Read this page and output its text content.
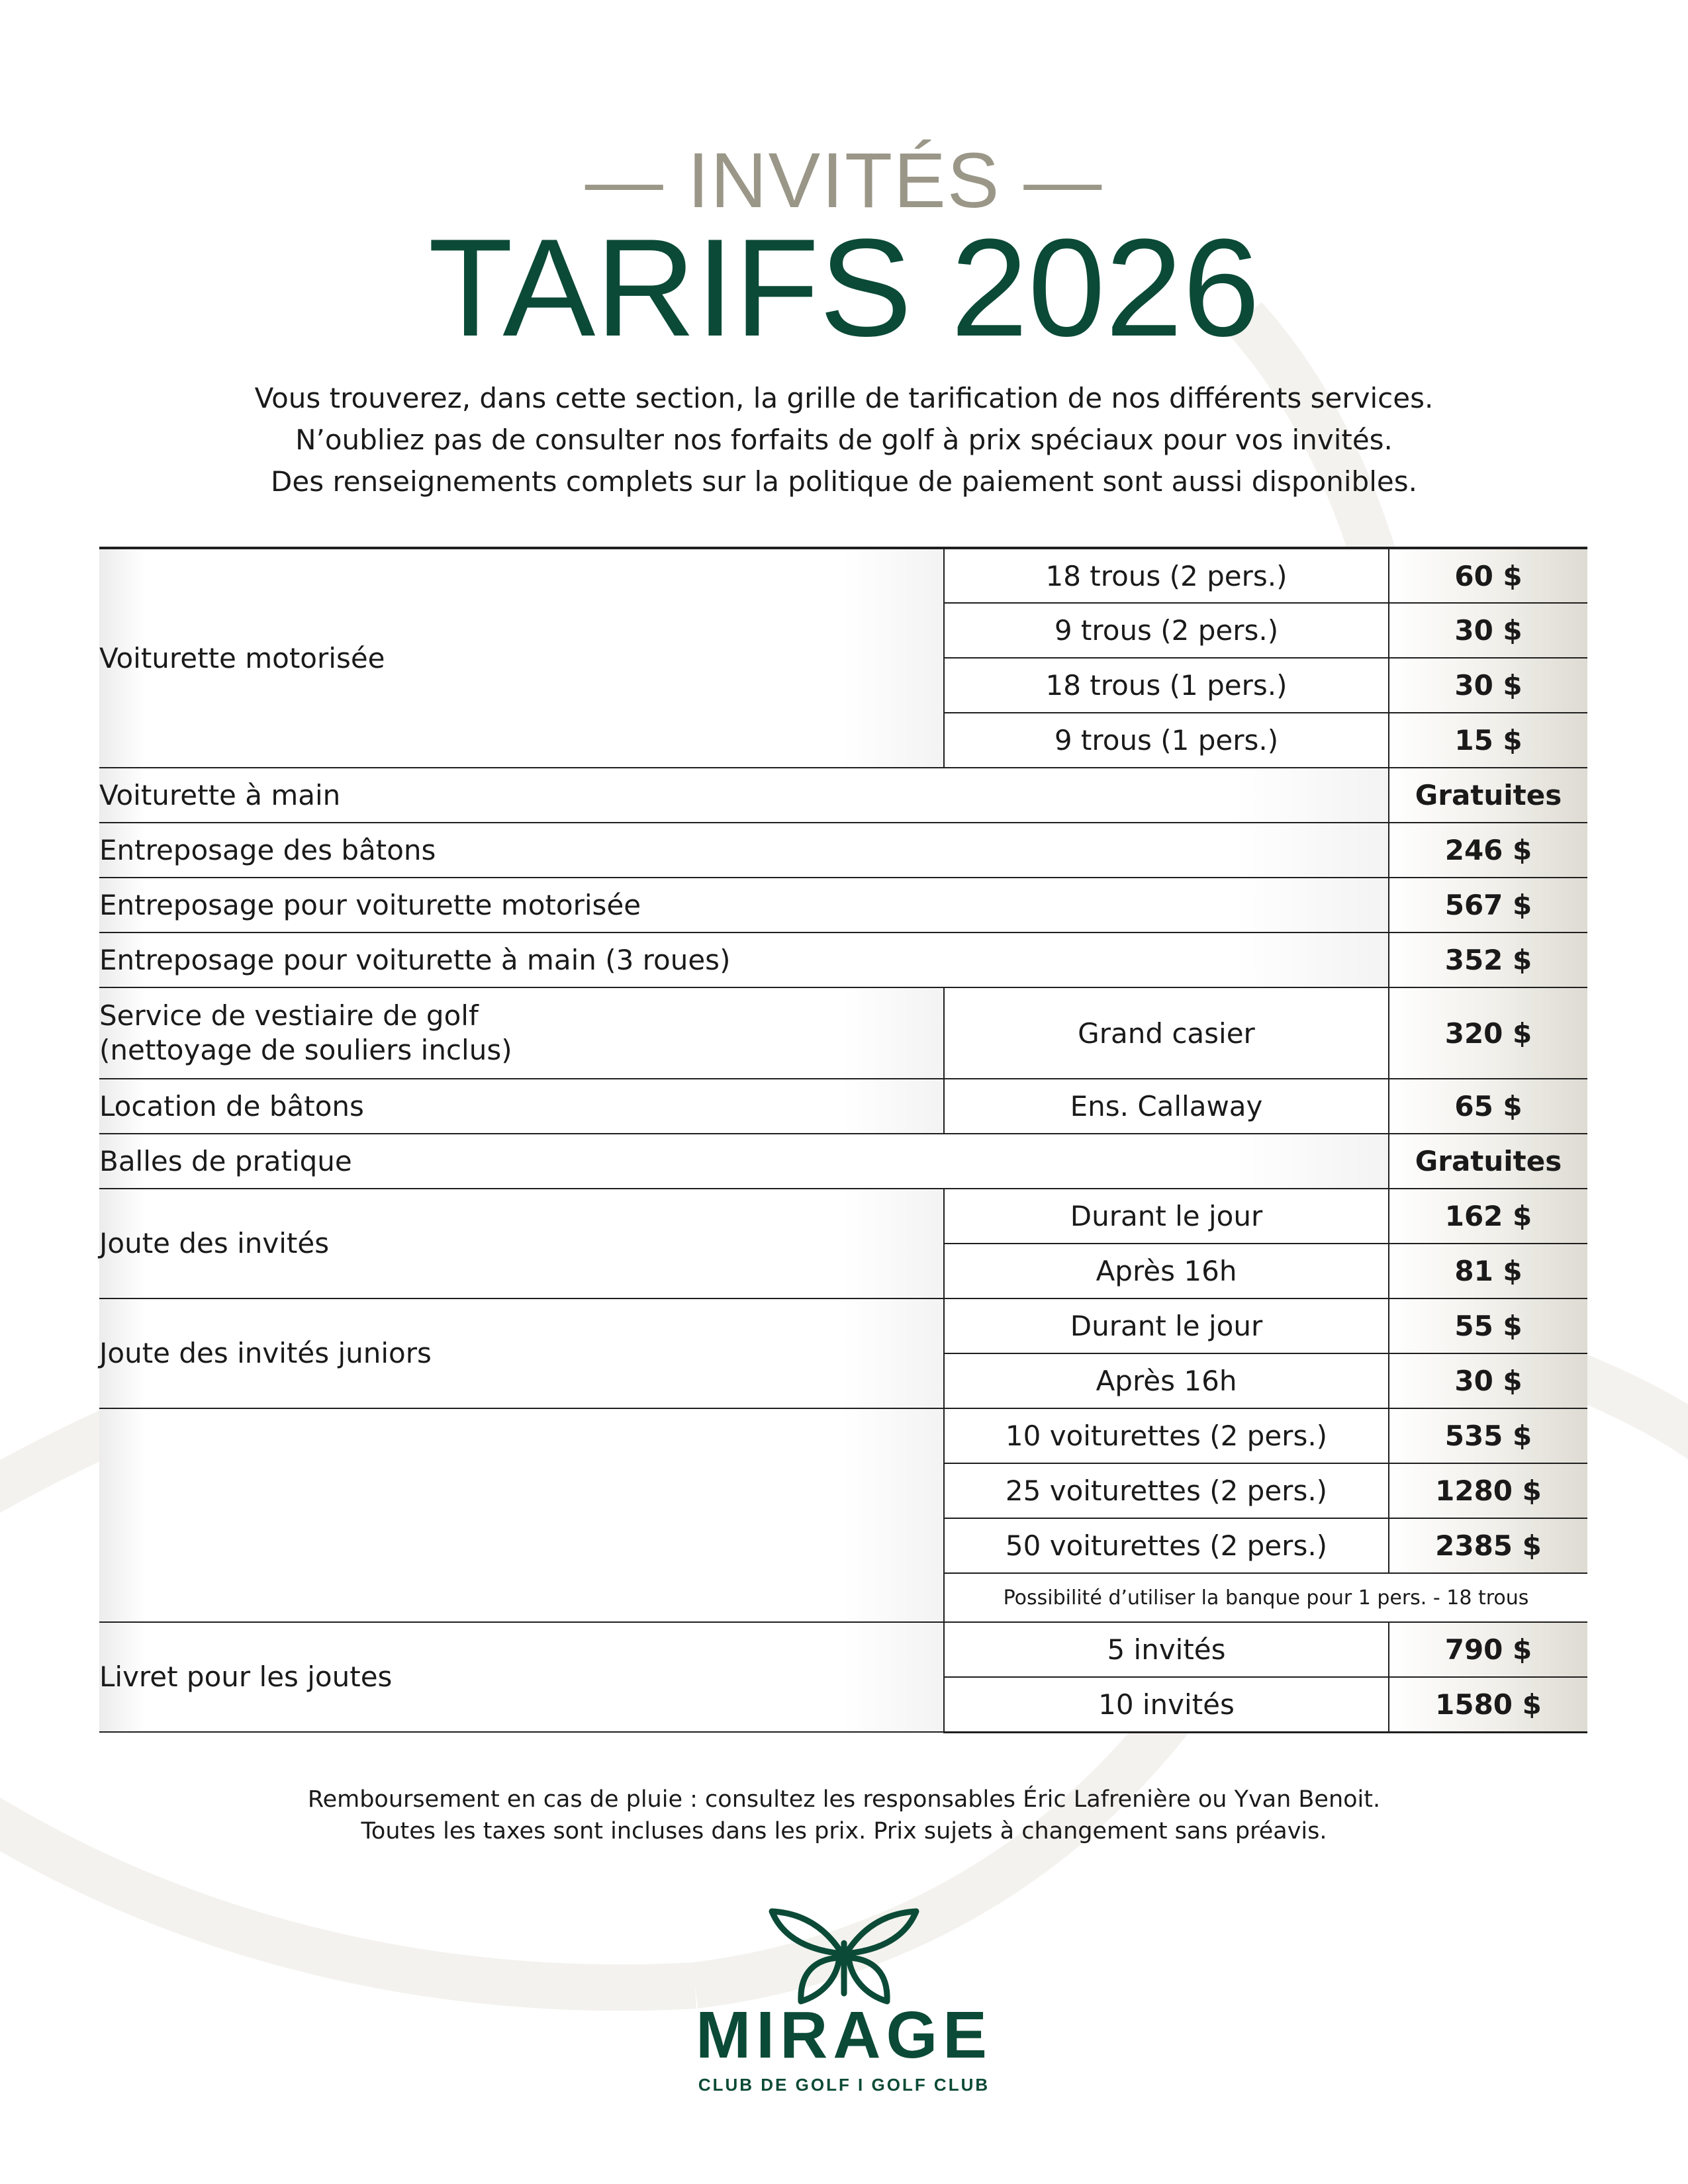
— INVITÉS —
TARIFS 2026

Vous trouverez, dans cette section, la grille de tarification de nos différents services.

N’oubliez pas de consulter nos forfaits de golf à prix spéciaux pour vos invités.

Des renseignements complets sur la politique de paiement sont aussi disponibles.

Voiturette motorisée	18 trous (2 pers.)	60 $
	9 trous (2 pers.)	30 $
	18 trous (1 pers.)	30 $
	9 trous (1 pers.)	15 $
Voiturette à main		Gratuites
Entreposage des bâtons		246 $
Entreposage pour voiturette motorisée		567 $
Entreposage pour voiturette à main (3 roues)		352 $

Service de vestiaire de golf
(nettoyage de souliers inclus)	Grand casier	320 $
Location de bâtons	Ens. Callaway	65 $
Balles de pratique		Gratuites
Joute des invités	Durant le jour	162 $
	Après 16h	81 $
Joute des invités juniors	Durant le jour	55 $
	Après 16h	30 $
	10 voiturettes (2 pers.)	535 $
	25 voiturettes (2 pers.)	1280 $
	50 voiturettes (2 pers.)	2385 $
	Possibilité d’utiliser la banque pour 1 pers. - 18 trous	
Livret pour les joutes	5 invités	790 $
	10 invités	1580 $

Remboursement en cas de pluie : consultez les responsables Éric Lafrenière ou Yvan Benoit.

Toutes les taxes sont incluses dans les prix. Prix sujets à changement sans préavis.

MIRAGE
CLUB DE GOLF I GOLF CLUB
